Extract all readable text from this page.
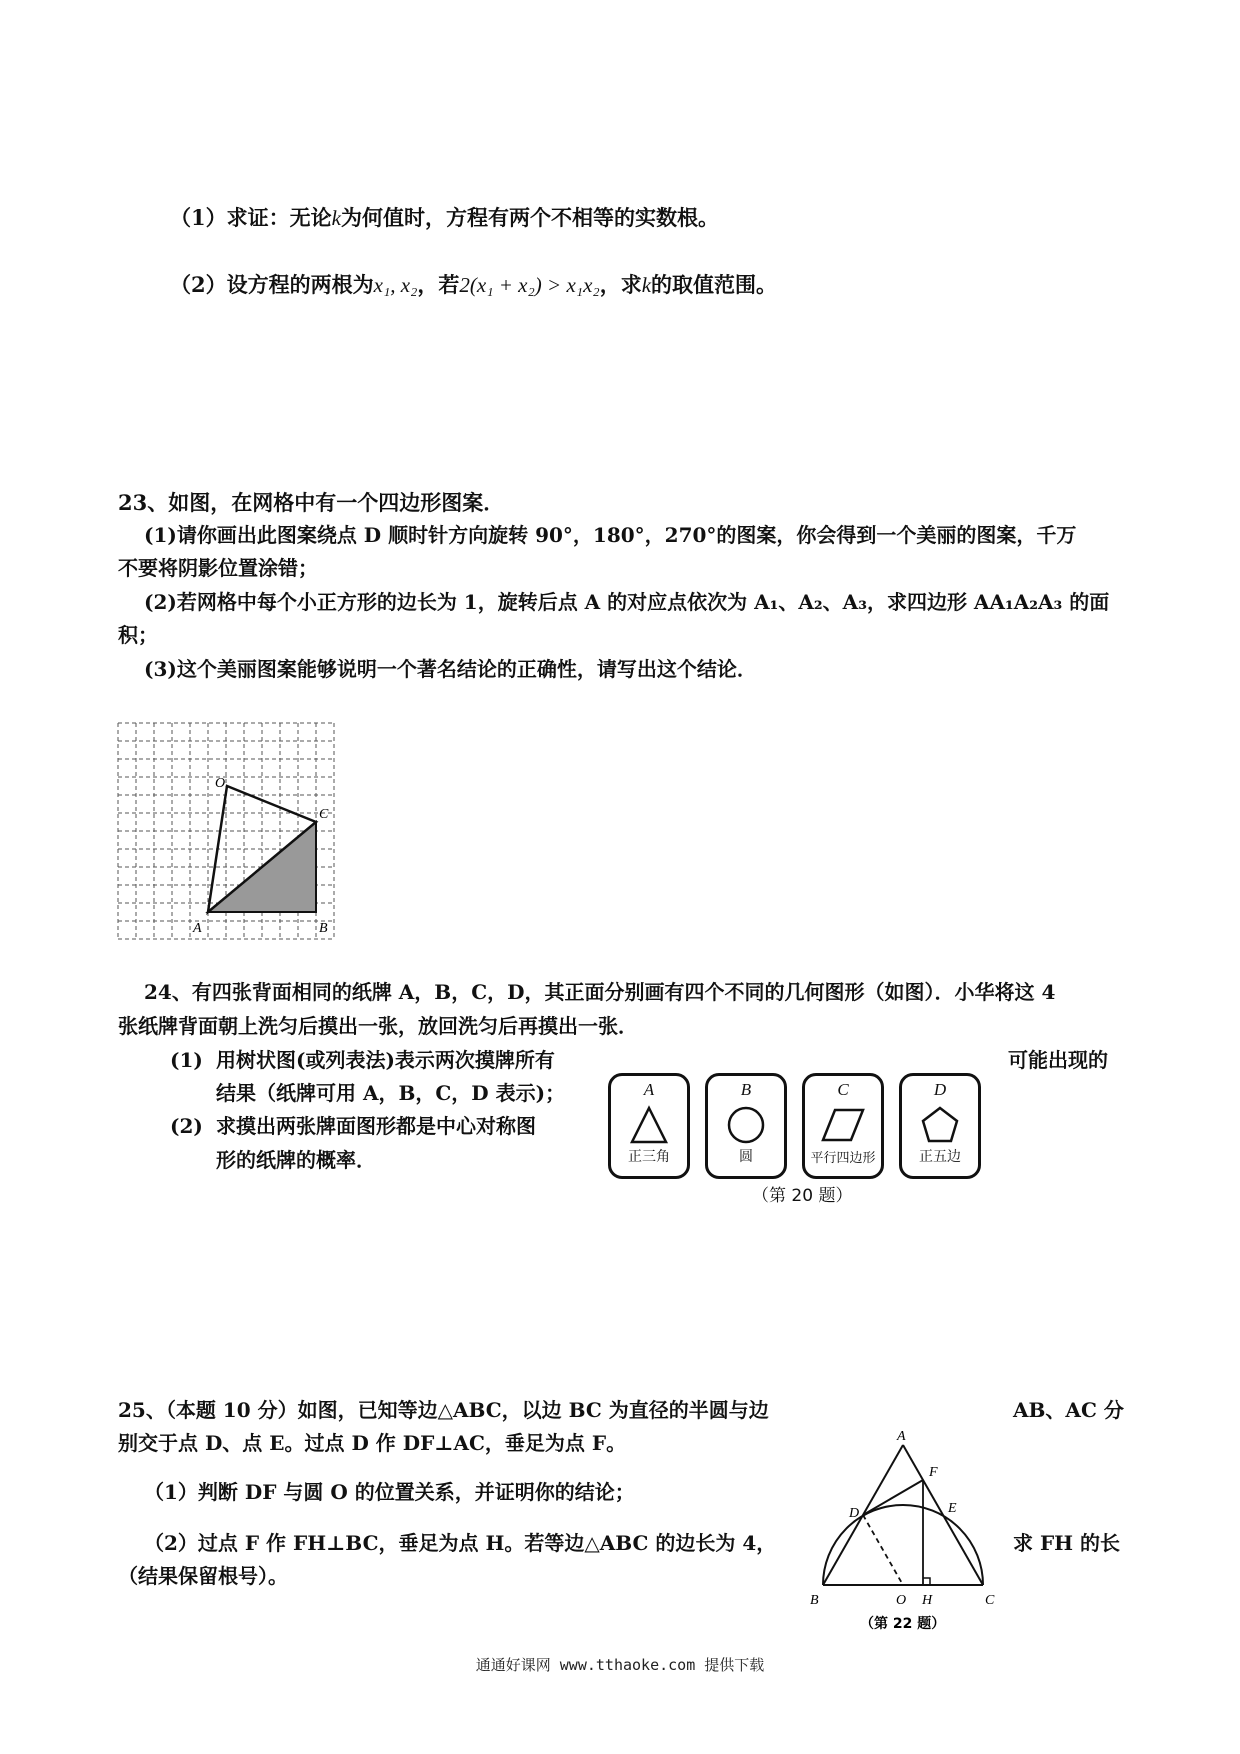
（1）求证：无论k为何值时，方程有两个不相等的实数根。
（2）设方程的两根为x₁, x₂，若2(x₁ + x₂) > x₁x₂，求k的取值范围。
23、如图，在网格中有一个四边形图案．
(1)请你画出此图案绕点 D 顺时针方向旋转 90°，180°，270°的图案，你会得到一个美丽的图案，千万
不要将阴影位置涂错；
(2)若网格中每个小正方形的边长为 1，旋转后点 A 的对应点依次为 A₁、A₂、A₃，求四边形 AA₁A₂A₃ 的面
积；
(3)这个美丽图案能够说明一个著名结论的正确性，请写出这个结论．
O
C
A	B
24、有四张背面相同的纸牌 A，B，C，D，其正面分别画有四个不同的几何图形（如图）．小华将这 4
张纸牌背面朝上洗匀后摸出一张，放回洗匀后再摸出一张．
(1) 用树状图(或列表法)表示两次摸牌所有	可能出现的
结果（纸牌可用 A，B，C，D 表示)；
(2) 求摸出两张牌面图形都是中心对称图
形的纸牌的概率．
A
正三角
B
圆
C
平行四边形
D
正五边
（第 20 题）
25、（本题 10 分）如图，已知等边△ABC，以边 BC 为直径的半圆与边	AB、AC 分
别交于点 D、点 E。过点 D 作 DF⊥AC，垂足为点 F。
（1）判断 DF 与圆 O 的位置关系，并证明你的结论；
（2）过点 F 作 FH⊥BC，垂足为点 H。若等边△ABC 的边长为 4，	求 FH 的长
（结果保留根号）。
A
B	C
D	E
F
O H
（第 22 题）
通通好课网 www.tthaoke.com 提供下载
